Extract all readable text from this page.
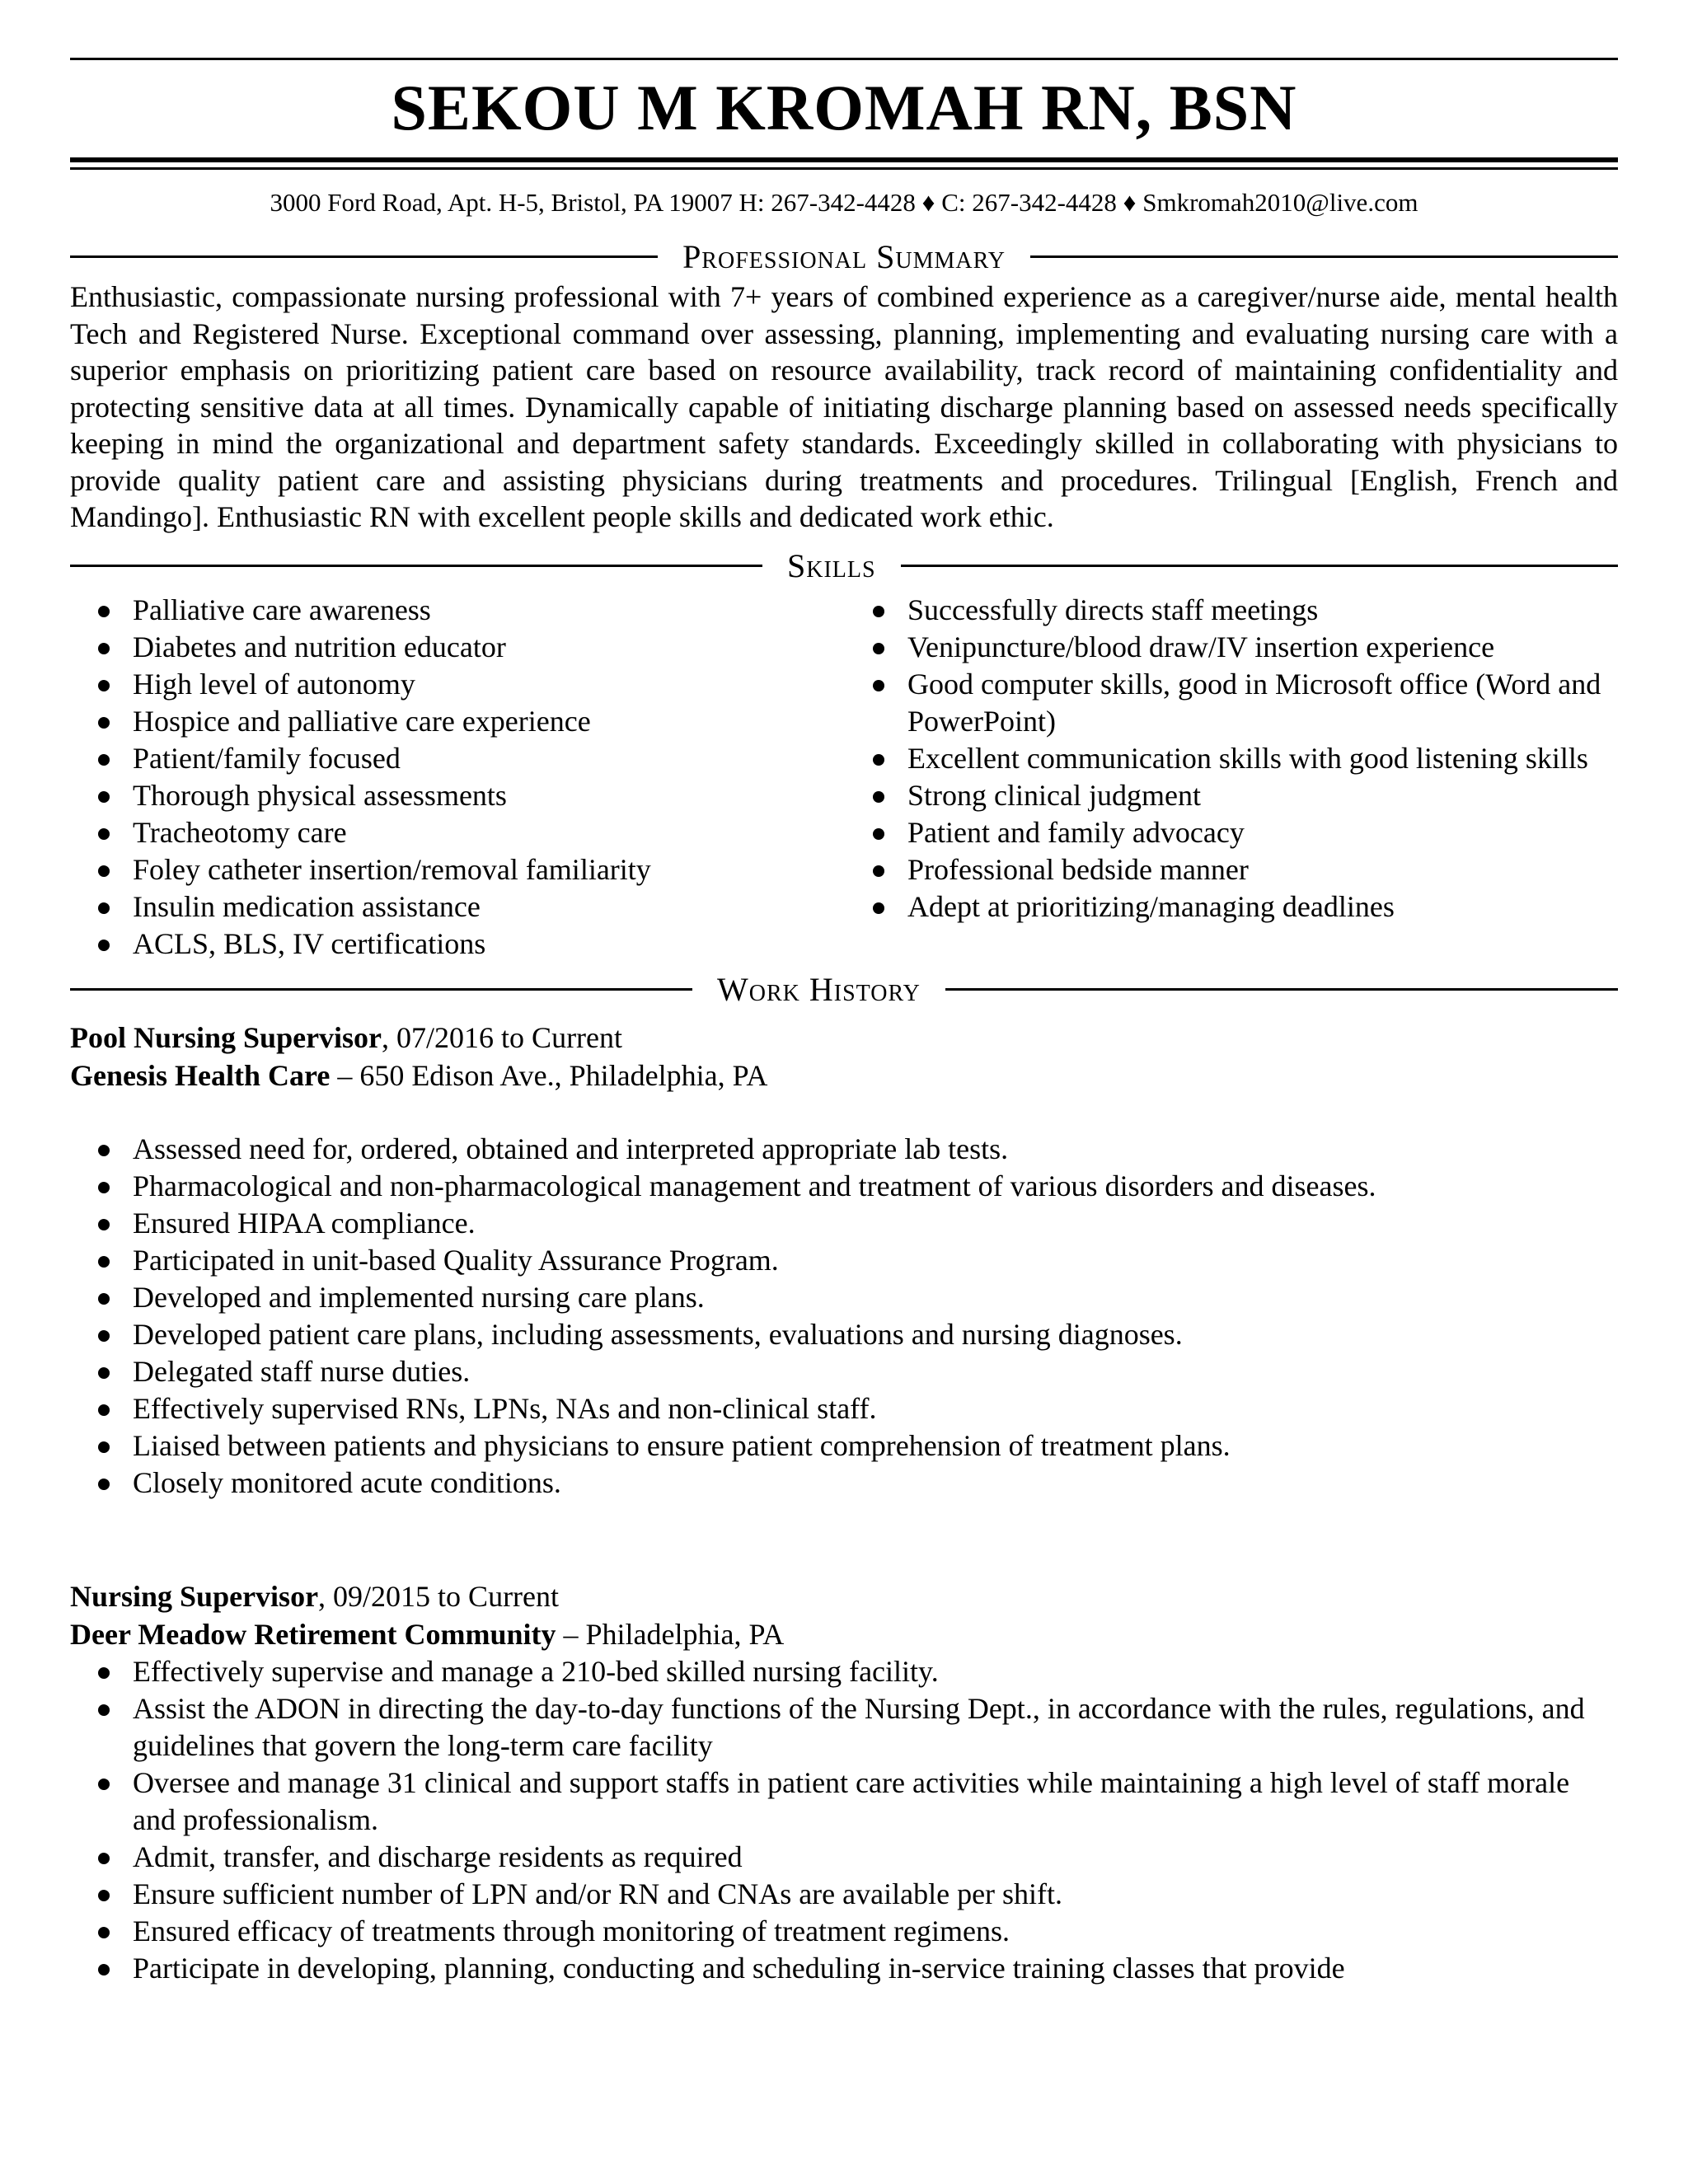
SEKOU M KROMAH RN, BSN
3000 Ford Road, Apt. H-5, Bristol, PA 19007 H: 267-342-4428 ♦ C: 267-342-4428 ♦ Smkromah2010@live.com
Professional Summary
Enthusiastic, compassionate nursing professional with 7+ years of combined experience as a caregiver/nurse aide, mental health Tech and Registered Nurse. Exceptional command over assessing, planning, implementing and evaluating nursing care with a superior emphasis on prioritizing patient care based on resource availability, track record of maintaining confidentiality and protecting sensitive data at all times. Dynamically capable of initiating discharge planning based on assessed needs specifically keeping in mind the organizational and department safety standards. Exceedingly skilled in collaborating with physicians to provide quality patient care and assisting physicians during treatments and procedures. Trilingual [English, French and Mandingo]. Enthusiastic RN with excellent people skills and dedicated work ethic.
Skills
Palliative care awareness
Diabetes and nutrition educator
High level of autonomy
Hospice and palliative care experience
Patient/family focused
Thorough physical assessments
Tracheotomy care
Foley catheter insertion/removal familiarity
Insulin medication assistance
ACLS, BLS, IV certifications
Successfully directs staff meetings
Venipuncture/blood draw/IV insertion experience
Good computer skills, good in Microsoft office (Word and PowerPoint)
Excellent communication skills with good listening skills
Strong clinical judgment
Patient and family advocacy
Professional bedside manner
Adept at prioritizing/managing deadlines
Work History
Pool Nursing Supervisor, 07/2016 to Current
Genesis Health Care – 650 Edison Ave., Philadelphia, PA
Assessed need for, ordered, obtained and interpreted appropriate lab tests.
Pharmacological and non-pharmacological management and treatment of various disorders and diseases.
Ensured HIPAA compliance.
Participated in unit-based Quality Assurance Program.
Developed and implemented nursing care plans.
Developed patient care plans, including assessments, evaluations and nursing diagnoses.
Delegated staff nurse duties.
Effectively supervised RNs, LPNs, NAs and non-clinical staff.
Liaised between patients and physicians to ensure patient comprehension of treatment plans.
Closely monitored acute conditions.
Nursing Supervisor, 09/2015 to Current
Deer Meadow Retirement Community – Philadelphia, PA
Effectively supervise and manage a 210-bed skilled nursing facility.
Assist the ADON in directing the day-to-day functions of the Nursing Dept., in accordance with the rules, regulations, and guidelines that govern the long-term care facility
Oversee and manage 31 clinical and support staffs in patient care activities while maintaining a high level of staff morale and professionalism.
Admit, transfer, and discharge residents as required
Ensure sufficient number of LPN and/or RN and CNAs are available per shift.
Ensured efficacy of treatments through monitoring of treatment regimens.
Participate in developing, planning, conducting and scheduling in-service training classes that provide
